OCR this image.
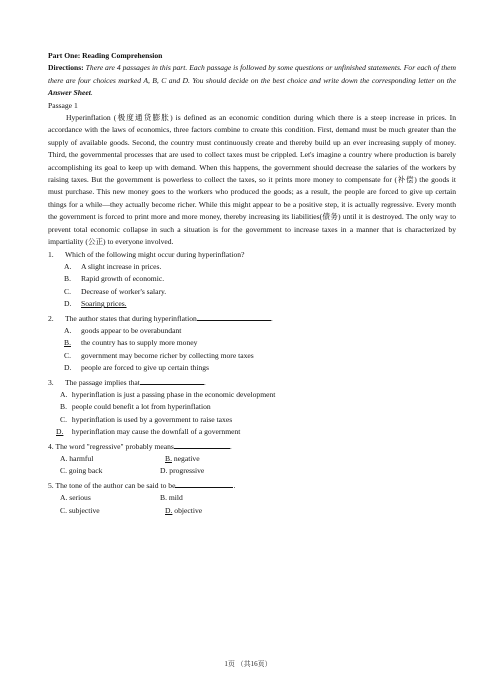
Part One: Reading Comprehension
Directions: There are 4 passages in this part. Each passage is followed by some questions or unfinished statements. For each of them there are four choices marked A, B, C and D. You should decide on the best choice and write down the corresponding letter on the Answer Sheet.
Passage 1
Hyperinflation (极度通货膨胀) is defined as an economic condition during which there is a steep increase in prices. In accordance with the laws of economics, three factors combine to create this condition. First, demand must be much greater than the supply of available goods. Second, the country must continuously create and thereby build up an ever increasing supply of money. Third, the governmental processes that are used to collect taxes must be crippled. Let's imagine a country where production is barely accomplishing its goal to keep up with demand. When this happens, the government should decrease the salaries of the workers by raising taxes. But the government is powerless to collect the taxes, so it prints more money to compensate for (补偿) the goods it must purchase. This new money goes to the workers who produced the goods; as a result, the people are forced to give up certain things for a while—they actually become richer. While this might appear to be a positive step, it is actually regressive. Every month the government is forced to print more and more money, thereby increasing its liabilities(债务) until it is destroyed. The only way to prevent total economic collapse in such a situation is for the government to increase taxes in a manner that is characterized by impartiality (公正) to everyone involved.
1. Which of the following might occur during hyperinflation?
A. A slight increase in prices.
B. Rapid growth of economic.
C. Decrease of worker's salary.
D. Soaring prices.
2. The author states that during hyperinflation	.
A. goods appear to be overabundant
B. the country has to supply more money
C. government may become richer by collecting more taxes
D. people are forced to give up certain things
3. The passage implies that	.
A. hyperinflation is just a passing phase in the economic development
B. people could benefit a lot from hyperinflation
C. hyperinflation is used by a government to raise taxes
D. hyperinflation may cause the downfall of a government
4. The word "regressive" probably means	.
A. harmful	B. negative
C. going back	D. progressive
5. The tone of the author can be said to be	.
A. serious	B. mild
C. subjective	D. objective
1页 （共16页）
